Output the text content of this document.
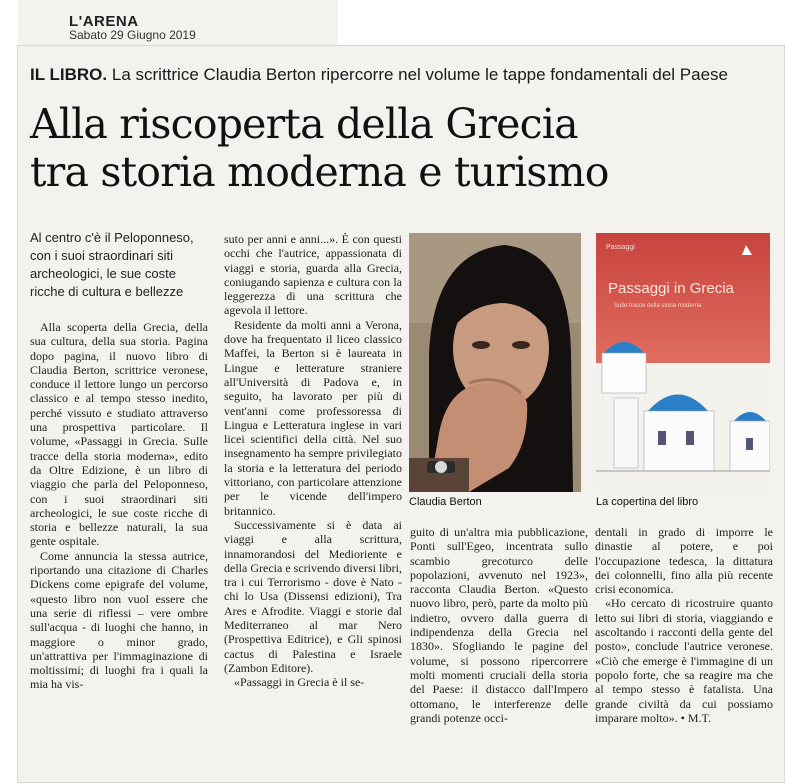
L'ARENA
Sabato 29 Giugno 2019
IL LIBRO. La scrittrice Claudia Berton ripercorre nel volume le tappe fondamentali del Paese
Alla riscoperta della Grecia
tra storia moderna e turismo
Al centro c'è il Peloponneso, con i suoi straordinari siti archeologici, le sue coste ricche di cultura e bellezze

Alla scoperta della Grecia, della sua cultura, della sua storia. Pagina dopo pagina, il nuovo libro di Claudia Berton, scrittrice veronese, conduce il lettore lungo un percorso classico e al tempo stesso inedito, perché vissuto e studiato attraverso una prospettiva particolare. Il volume, «Passaggi in Grecia. Sulle tracce della storia moderna», edito da Oltre Edizione, è un libro di viaggio che parla del Peloponneso, con i suoi straordinari siti archeologici, le sue coste ricche di storia e bellezze naturali, la sua gente ospitale.

Come annuncia la stessa autrice, riportando una citazione di Charles Dickens come epigrafe del volume, «questo libro non vuol essere che una serie di riflessi – vere ombre sull'acqua - di luoghi che hanno, in maggiore o minor grado, un'attrattiva per l'immaginazione di moltissimi; di luoghi fra i quali la mia ha vis-

suto per anni e anni...». È con questi occhi che l'autrice, appassionata di viaggi e storia, guarda alla Grecia, coniugando sapienza e cultura con la leggerezza di una scrittura che agevola il lettore.

Residente da molti anni a Verona, dove ha frequentato il liceo classico Maffei, la Berton si è laureata in Lingue e letterature straniere all'Università di Padova e, in seguito, ha lavorato per più di vent'anni come professoressa di Lingua e Letteratura inglese in vari licei scientifici della città. Nel suo insegnamento ha sempre privilegiato la storia e la letteratura del periodo vittoriano, con particolare attenzione per le vicende dell'impero britannico.

Successivamente si è data ai viaggi e alla scrittura, innamorandosi del Medioriente e della Grecia e scrivendo diversi libri, tra i cui Terrorismo - dove è Nato - chi lo Usa (Dissensi edizioni), Tra Ares e Afrodite. Viaggi e storie dal Mediterraneo al mar Nero (Prospettiva Editrice), e Gli spinosi cactus di Palestina e Israele (Zambon Editore).

«Passaggi in Grecia è il se-

Passaggi
Passaggi in Grecia
Sulle tracce della storia moderna
Claudia Berton	La copertina del libro

guito di un'altra mia pubblicazione, Ponti sull'Egeo, incentrata sullo scambio grecoturco delle popolazioni, avvenuto nel 1923», racconta Claudia Berton. «Questo nuovo libro, però, parte da molto più indietro, ovvero dalla guerra di indipendenza della Grecia nel 1830». Sfogliando le pagine del volume, si possono ripercorrere molti momenti cruciali della storia del Paese: il distacco dall'Impero ottomano, le interferenze delle grandi potenze occi-

dentali in grado di imporre le dinastie al potere, e poi l'occupazione tedesca, la dittatura dei colonnelli, fino alla più recente crisi economica.

«Ho cercato di ricostruire quanto letto sui libri di storia, viaggiando e ascoltando i racconti della gente del posto», conclude l'autrice veronese. «Ciò che emerge è l'immagine di un popolo forte, che sa reagire ma che al tempo stesso è fatalista. Una grande civiltà da cui possiamo imparare molto». • M.T.
